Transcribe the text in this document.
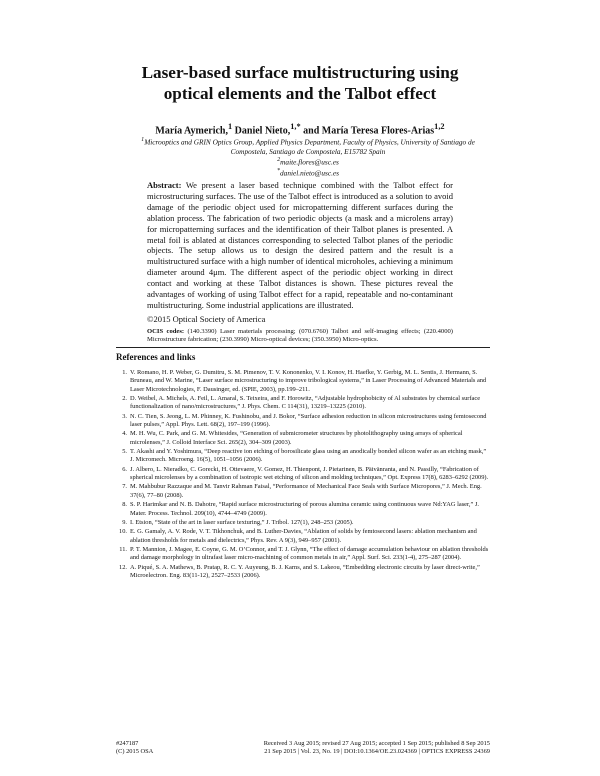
Laser-based surface multistructuring using
optical elements and the Talbot effect
María Aymerich,$^1$ Daniel Nieto,$^{1,*}$ and María Teresa Flores-Arias$^{1,2}$
$^1$Microoptics and GRIN Optics Group, Applied Physics Department, Faculty of Physics, University of Santiago de
Compostela, Santiago de Compostela, E15782 Spain
$^2$maite.flores@usc.es
*daniel.nieto@usc.es

Abstract: We present a laser based technique combined with the Talbot effect for microstructuring surfaces. The use of the Talbot effect is introduced as a solution to avoid damage of the periodic object used for micropatterning different surfaces during the ablation process. The fabrication of two periodic objects (a mask and a microlens array) for micropatterning surfaces and the identification of their Talbot planes is presented. A metal foil is ablated at distances corresponding to selected Talbot planes of the periodic objects. The setup allows us to design the desired pattern and the result is a multistructured surface with a high number of identical microholes, achieving a minimum diameter around 4μm. The different aspect of the periodic object working in direct contact and working at these Talbot distances is shown. These pictures reveal the advantages of working of using Talbot effect for a rapid, repeatable and no-contaminant multistructuring. Some industrial applications are illustrated.

©2015 Optical Society of America

OCIS codes: (140.3390) Laser materials processing; (070.6760) Talbot and self-imaging effects; (220.4000) Microstructure fabrication; (230.3990) Micro-optical devices; (350.3950) Micro-optics.

References and links
1. V. Romano, H. P. Weber, G. Dumitru, S. M. Pimenov, T. V. Kononenko, V. I. Konov, H. Haefke, Y. Gerbig, M. L. Sentis, J. Hermann, S. Bruneau, and W. Marine, “Laser surface microstructuring to improve tribological systems,” in Laser Processing of Advanced Materials and Laser Microtechnologies, F. Dausinger, ed. (SPIE, 2003), pp.199–211.
2. D. Weibel, A. Michels, A. Feil, L. Amaral, S. Teixeira, and F. Horowitz, “Adjustable hydrophobicity of Al substrates by chemical surface functionalization of nano/microstructures,” J. Phys. Chem. C 114(31), 13219–13225 (2010).
3. N. C. Tien, S. Jeong, L. M. Phinney, K. Fushinobu, and J. Bokor, “Surface adhesion reduction in silicon microstructures using femtosecond laser pulses,” Appl. Phys. Lett. 68(2), 197–199 (1996).
4. M. H. Wu, C. Park, and G. M. Whitesides, “Generation of submicrometer structures by photolithography using arrays of spherical microlenses,” J. Colloid Interface Sci. 265(2), 304–309 (2003).
5. T. Akashi and Y. Yoshimura, “Deep reactive ion etching of borosilicate glass using an anodically bonded silicon wafer as an etching mask,” J. Micromech. Microeng. 16(5), 1051–1056 (2006).
6. J. Albero, L. Nieradko, C. Gorecki, H. Ottevaere, V. Gomez, H. Thienpont, J. Pietarinen, B. Päivänranta, and N. Passilly, “Fabrication of spherical microlenses by a combination of isotropic wet etching of silicon and molding techniques,” Opt. Express 17(8), 6283–6292 (2009).
7. M. Mahbubur Razzaque and M. Tanvir Rahman Faisal, “Performance of Mechanical Face Seals with Surface Micropores,” J. Mech. Eng. 37(6), 77–80 (2008).
8. S. P. Harimkar and N. B. Dahotre, “Rapid surface microstructuring of porous alumina ceramic using continuous wave Nd:YAG laser,” J. Mater. Process. Technol. 209(10), 4744–4749 (2009).
9. I. Etsion, “State of the art in laser surface texturing,” J. Tribol. 127(1), 248–253 (2005).
10. E. G. Gamaly, A. V. Rode, V. T. Tikhonchuk, and B. Luther-Davies, “Ablation of solids by femtosecond lasers: ablation mechanism and ablation thresholds for metals and dielectrics,” Phys. Rev. A 9(3), 949–957 (2001).
11. P. T. Mannion, J. Magee, E. Coyne, G. M. O’Connor, and T. J. Glynn, “The effect of damage accumulation behaviour on ablation thresholds and damage morphology in ultrafast laser micro-machining of common metals in air,” Appl. Surf. Sci. 233(1-4), 275–287 (2004).
12. A. Piqué, S. A. Mathews, B. Pratap, R. C. Y. Auyeung, B. J. Karns, and S. Lakeou, “Embedding electronic circuits by laser direct-write,” Microelectron. Eng. 83(11-12), 2527–2533 (2006).
#247187
(C) 2015 OSA
Received 3 Aug 2015; revised 27 Aug 2015; accepted 1 Sep 2015; published 8 Sep 2015
21 Sep 2015 | Vol. 23, No. 19 | DOI:10.1364/OE.23.024369 | OPTICS EXPRESS 24369
